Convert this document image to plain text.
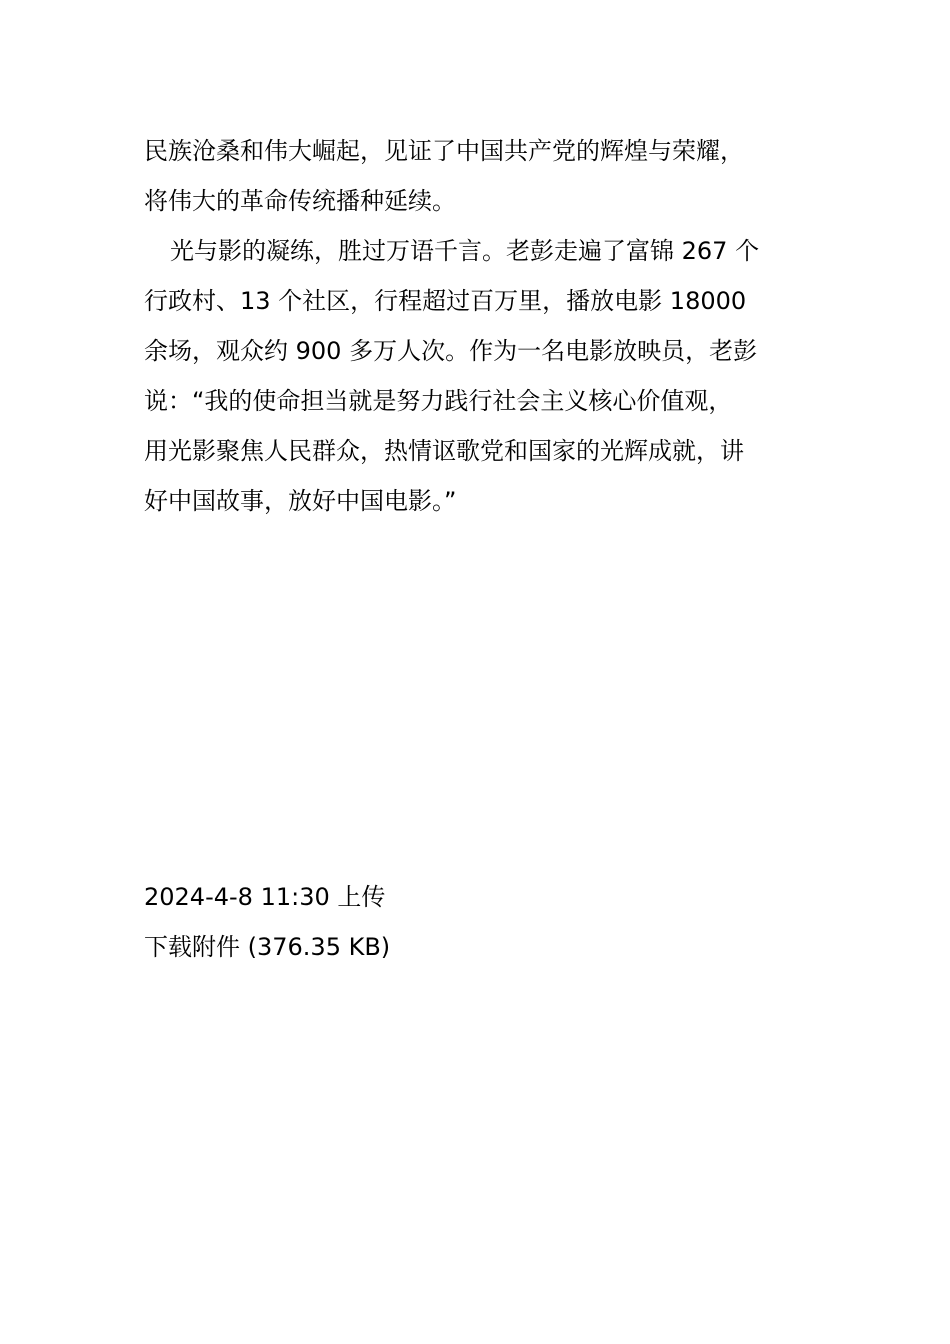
民族沧桑和伟大崛起，见证了中国共产党的辉煌与荣耀，
将伟大的革命传统播种延续。
光与影的凝练，胜过万语千言。老彭走遍了富锦 267 个
行政村、13 个社区，行程超过百万里，播放电影 18000
余场，观众约 900 多万人次。作为一名电影放映员，老彭
说：“我的使命担当就是努力践行社会主义核心价值观，
用光影聚焦人民群众，热情讴歌党和国家的光辉成就，讲
好中国故事，放好中国电影。”
2024-4-8 11:30 上传
下载附件 (376.35 KB)
